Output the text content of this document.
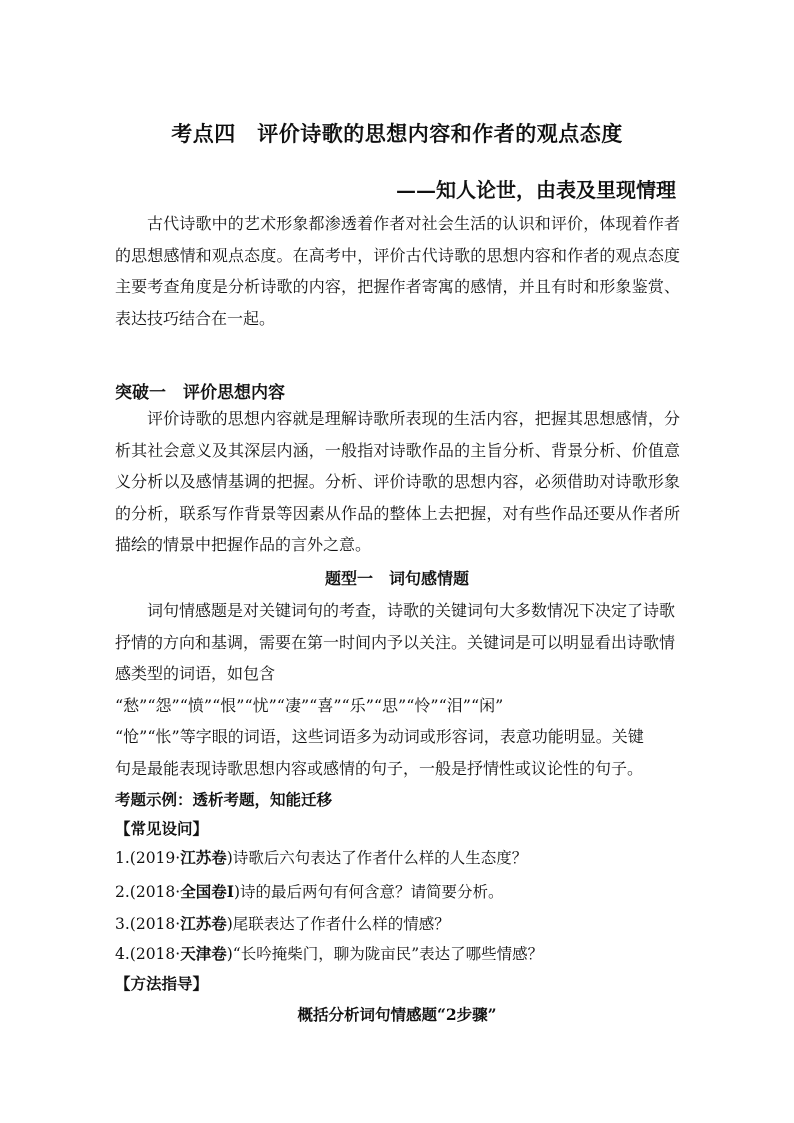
考点四　评价诗歌的思想内容和作者的观点态度
——知人论世，由表及里现情理

古代诗歌中的艺术形象都渗透着作者对社会生活的认识和评价，体现着作者的思想感情和观点态度。在高考中，评价古代诗歌的思想内容和作者的观点态度主要考查角度是分析诗歌的内容，把握作者寄寓的感情，并且有时和形象鉴赏、表达技巧结合在一起。

突破一　评价思想内容

评价诗歌的思想内容就是理解诗歌所表现的生活内容，把握其思想感情，分析其社会意义及其深层内涵，一般指对诗歌作品的主旨分析、背景分析、价值意义分析以及感情基调的把握。分析、评价诗歌的思想内容，必须借助对诗歌形象的分析，联系写作背景等因素从作品的整体上去把握，对有些作品还要从作者所描绘的情景中把握作品的言外之意。

题型一　词句感情题

词句情感题是对关键词句的考查，诗歌的关键词句大多数情况下决定了诗歌
抒情的方向和基调，需要在第一时间内予以关注。关键词是可以明显看出诗歌情
感类型的词语，如包含
“愁”“怨”“愤”“恨”“忧”“凄”“喜”“乐”“思”“怜”“泪”“闲”
“怆”“怅”等字眼的词语，这些词语多为动词或形容词，表意功能明显。关键
句是最能表现诗歌思想内容或感情的句子，一般是抒情性或议论性的句子。

考题示例：透析考题，知能迁移
【常见设问】
1.(2019·江苏卷)诗歌后六句表达了作者什么样的人生态度？
2.(2018·全国卷Ⅰ)诗的最后两句有何含意？请简要分析。
3.(2018·江苏卷)尾联表达了作者什么样的情感？
4.(2018·天津卷)“长吟掩柴门，聊为陇亩民”表达了哪些情感？
【方法指导】
概括分析词句情感题“2步骤”
